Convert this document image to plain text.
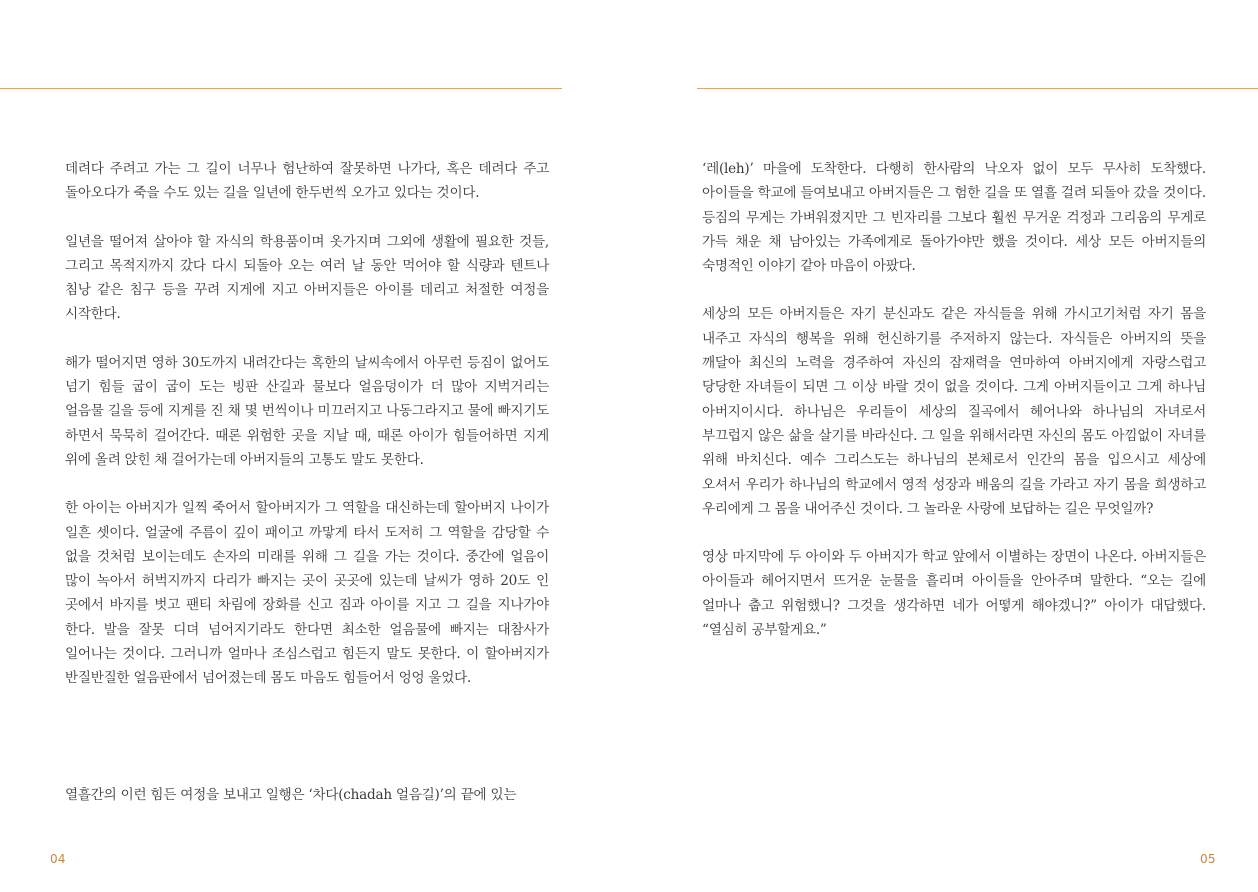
데려다 주려고 가는 그 길이 너무나 험난하여 잘못하면 나가다, 혹은 데려다 주고 돌아오다가 죽을 수도 있는 길을 일년에 한두번씩 오가고 있다는 것이다.

일년을 떨어져 살아야 할 자식의 학용품이며 옷가지며 그외에 생활에 필요한 것들, 그리고 목적지까지 갔다 다시 되돌아 오는 여러 날 동안 먹어야 할 식량과 텐트나 침낭 같은 침구 등을 꾸려 지게에 지고 아버지들은 아이를 데리고 처절한 여정을 시작한다.

해가 떨어지면 영하 30도까지 내려간다는 혹한의 날씨속에서 아무런 등짐이 없어도 넘기 힘들 굽이 굽이 도는 빙판 산길과 물보다 얼음덩이가 더 많아 지벅거리는 얼음물 길을 등에 지게를 진 채 몇 번씩이나 미끄러지고 나동그라지고 물에 빠지기도 하면서 묵묵히 걸어간다. 때론 위험한 곳을 지날 때, 때론 아이가 힘들어하면 지게 위에 올려 앉힌 채 걸어가는데 아버지들의 고통도 말도 못한다.

한 아이는 아버지가 일찍 죽어서 할아버지가 그 역할을 대신하는데 할아버지 나이가 일흔 셋이다. 얼굴에 주름이 깊이 패이고 까맣게 타서 도저히 그 역할을 감당할 수 없을 것처럼 보이는데도 손자의 미래를 위해 그 길을 가는 것이다. 중간에 얼음이 많이 녹아서 허벅지까지 다리가 빠지는 곳이 곳곳에 있는데 날씨가 영하 20도 인 곳에서 바지를 벗고 팬티 차림에 장화를 신고 짐과 아이를 지고 그 길을 지나가야 한다. 발을 잘못 디뎌 넘어지기라도 한다면 최소한 얼음물에 빠지는 대참사가 일어나는 것이다. 그러니까 얼마나 조심스럽고 힘든지 말도 못한다. 이 할아버지가 반질반질한 얼음판에서 넘어졌는데 몸도 마음도 힘들어서 엉엉 울었다.

열흘간의 이런 힘든 여정을 보내고 일행은 ‘차다(chadah 얼음길)’의 끝에 있는

‘레(leh)’ 마을에 도착한다. 다행히 한사람의 낙오자 없이 모두 무사히 도착했다. 아이들을 학교에 들여보내고 아버지들은 그 험한 길을 또 열흘 걸려 되돌아 갔을 것이다. 등짐의 무게는 가벼워졌지만 그 빈자리를 그보다 훨씬 무거운 걱정과 그리움의 무게로 가득 채운 채 남아있는 가족에게로 돌아가야만 했을 것이다. 세상 모든 아버지들의 숙명적인 이야기 같아 마음이 아팠다.

세상의 모든 아버지들은 자기 분신과도 같은 자식들을 위해 가시고기처럼 자기 몸을 내주고 자식의 행복을 위해 헌신하기를 주저하지 않는다. 자식들은 아버지의 뜻을 깨달아 최신의 노력을 경주하여 자신의 잠재력을 연마하여 아버지에게 자랑스럽고 당당한 자녀들이 되면 그 이상 바랄 것이 없을 것이다. 그게 아버지들이고 그게 하나님 아버지이시다. 하나님은 우리들이 세상의 질곡에서 헤어나와 하나님의 자녀로서 부끄럽지 않은 삶을 살기를 바라신다. 그 일을 위해서라면 자신의 몸도 아낌없이 자녀를 위해 바치신다. 예수 그리스도는 하나님의 본체로서 인간의 몸을 입으시고 세상에 오셔서 우리가 하나님의 학교에서 영적 성장과 배움의 길을 가라고 자기 몸을 희생하고 우리에게 그 몸을 내어주신 것이다. 그 놀라운 사랑에 보답하는 길은 무엇일까?

영상 마지막에 두 아이와 두 아버지가 학교 앞에서 이별하는 장면이 나온다. 아버지들은 아이들과 헤어지면서 뜨거운 눈물을 흘리며 아이들을 안아주며 말한다. “오는 길에 얼마나 춥고 위험했니? 그것을 생각하면 네가 어떻게 해야겠니?” 아이가 대답했다. “열심히 공부할게요.”

04	05
